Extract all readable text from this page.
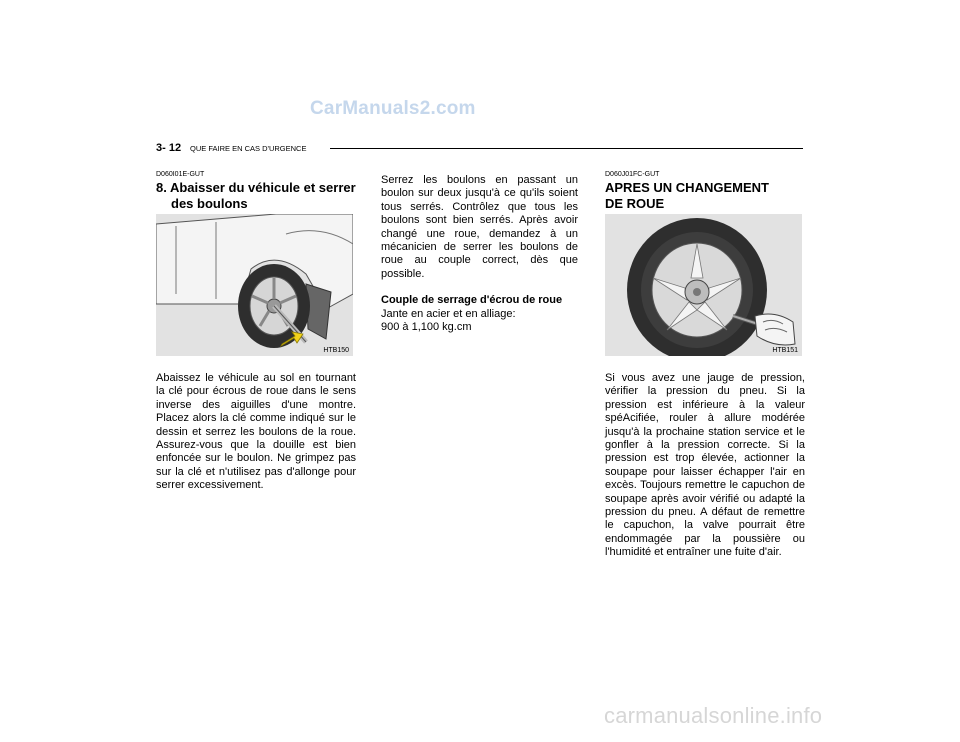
CarManuals2.com
3- 12 QUE FAIRE EN CAS D'URGENCE

D060I01E-GUT

8. Abaisser du véhicule et serrer
des boulons
HTB150

Abaissez le véhicule au sol en tournant la clé pour écrous de roue dans le sens inverse des aiguilles d'une montre. Placez alors la clé comme indiqué sur le dessin et serrez les boulons de la roue. Assurez-vous que la douille est bien enfoncée sur le boulon. Ne grimpez pas sur la clé et n'utilisez pas d'allonge pour serrer excessivement.

Serrez les boulons en passant un boulon sur deux jusqu'à ce qu'ils soient tous serrés. Contrôlez que tous les boulons sont bien serrés. Après avoir changé une roue, demandez à un mécanicien de serrer les boulons de roue au couple correct, dès que possible.

Couple de serrage d'écrou de roue

Jante en acier et en alliage:

900 à 1,100 kg.cm

D060J01FC-GUT

APRES UN CHANGEMENT
DE ROUE
HTB151

Si vous avez une jauge de pression, vérifier la pression du pneu. Si la pression est inférieure à la valeur spéAcifiée, rouler à allure modérée jusqu'à la prochaine station service et le gonfler à la pression correcte. Si la pression est trop élevée, actionner la soupape pour laisser échapper l'air en excès. Toujours remettre le capuchon de soupape après avoir vérifié ou adapté la pression du pneu. A défaut de remettre le capuchon, la valve pourrait être endommagée par la poussière ou l'humidité et entraîner une fuite d'air.

carmanualsonline.info
